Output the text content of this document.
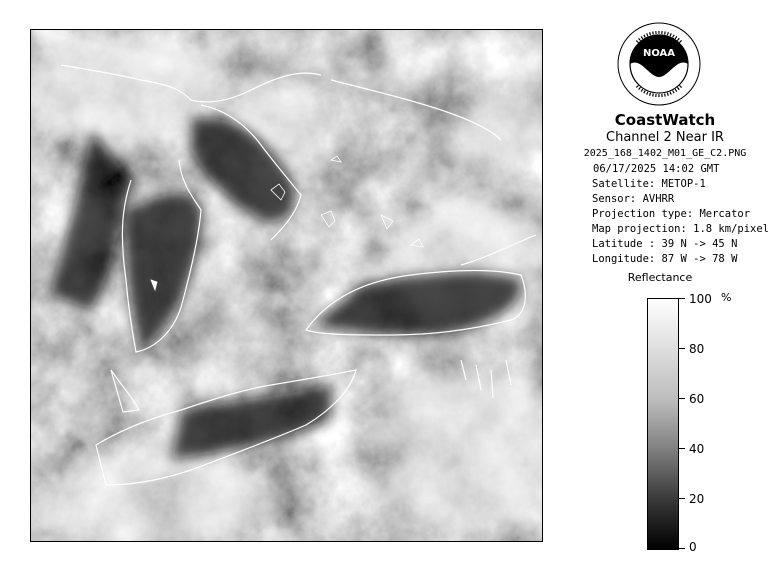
NOAA
CoastWatch
Channel 2 Near IR
2025_168_1402_M01_GE_C2.PNG
06/17/2025 14:02 GMT
Satellite: METOP-1
Sensor: AVHRR
Projection type: Mercator
Map projection: 1.8 km/pixel
Latitude : 39 N -> 45 N
Longitude: 87 W -> 78 W
Reflectance
%
100
80
60
40
20
0
